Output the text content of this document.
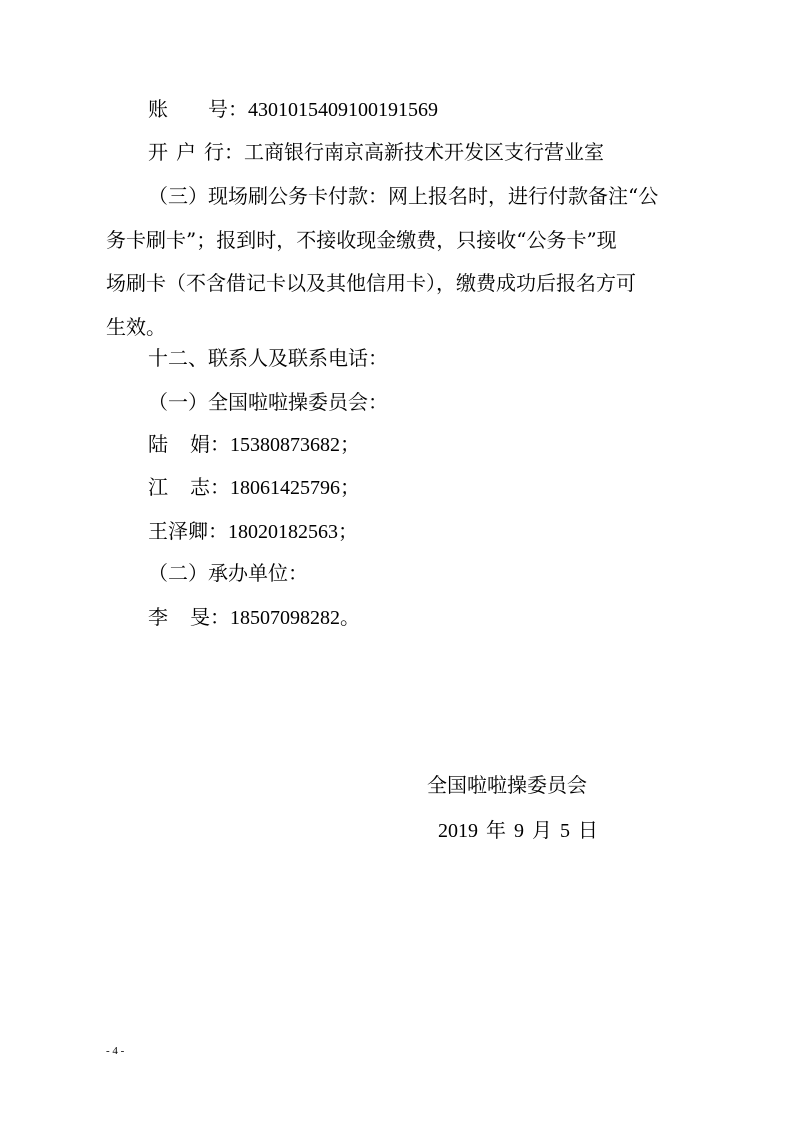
账 号：4301015409100191569
开 户 行：工商银行南京高新技术开发区支行营业室
（三）现场刷公务卡付款：网上报名时，进行付款备注“公
务卡刷卡”；报到时，不接收现金缴费，只接收“公务卡”现
场刷卡（不含借记卡以及其他信用卡），缴费成功后报名方可
生效。
十二、联系人及联系电话：
（一）全国啦啦操委员会：
陆 娟：15380873682；
江 志：18061425796；
王泽卿：18020182563；
（二）承办单位：
李 旻：18507098282。
全国啦啦操委员会
2019 年 9 月 5 日
- 4 -
